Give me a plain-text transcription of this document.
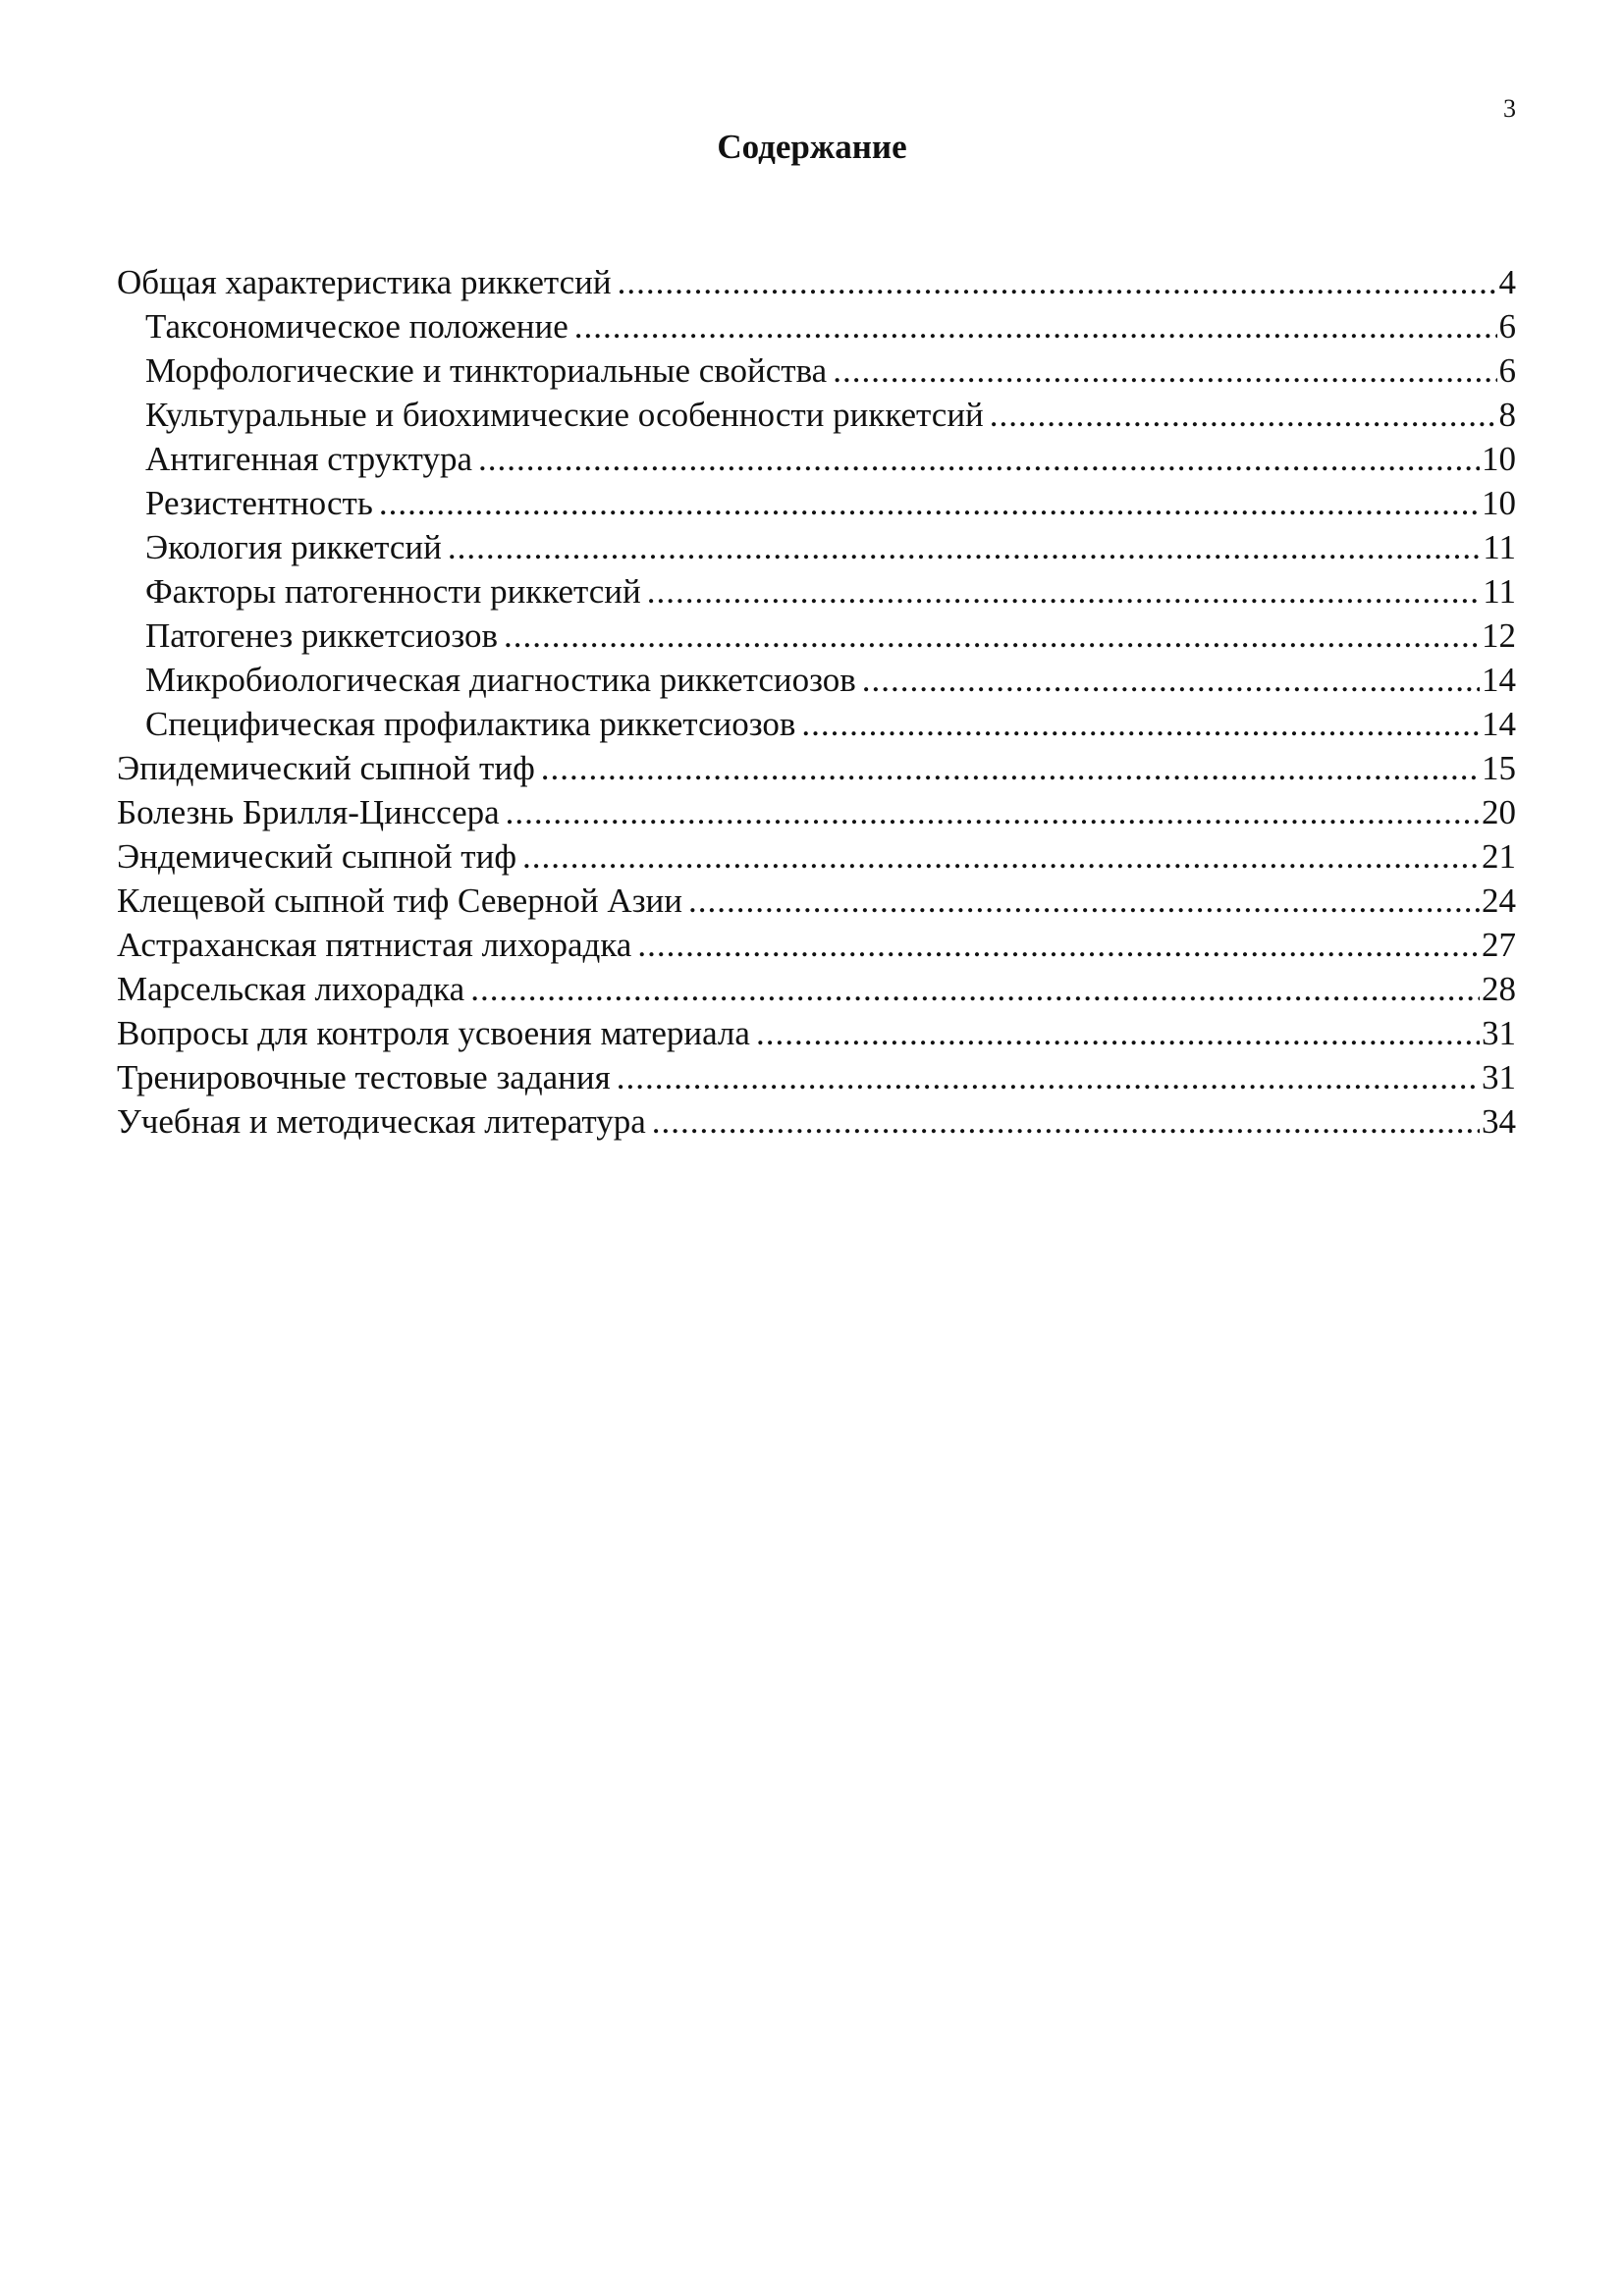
3
Содержание
Общая характеристика риккетсий .....	4
Таксономическое положение .....	6
Морфологические и тинкториальные свойства .....	6
Культуральные и биохимические особенности риккетсий .....	8
Антигенная структура .....	10
Резистентность .....	10
Экология риккетсий .....	11
Факторы патогенности риккетсий .....	11
Патогенез риккетсиозов .....	12
Микробиологическая диагностика риккетсиозов .....	14
Специфическая профилактика риккетсиозов .....	14
Эпидемический сыпной тиф .....	15
Болезнь Брилля-Цинссера .....	20
Эндемический сыпной тиф .....	21
Клещевой сыпной тиф Северной Азии .....	24
Астраханская пятнистая лихорадка .....	27
Марсельская лихорадка .....	28
Вопросы для контроля усвоения материала .....	31
Тренировочные тестовые задания .....	31
Учебная и методическая литература .....	34
